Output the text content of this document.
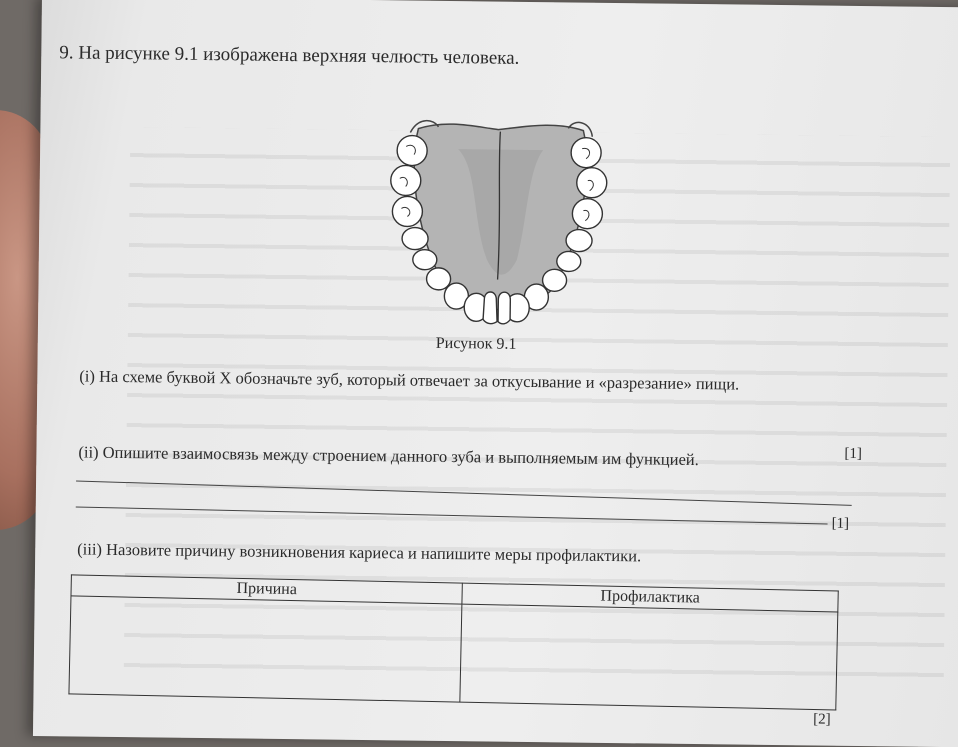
9. На рисунке 9.1 изображена верхняя челюсть человека.
Рисунок 9.1
(i) На схеме буквой X обозначьте зуб, который отвечает за откусывание и «разрезание» пищи.
[1]
(ii) Опишите взаимосвязь между строением данного зуба и выполняемым им функцией.
[1]
(iii) Назовите причину возникновения кариеса и напишите меры профилактики.
Причина	Профилактика

[2]
